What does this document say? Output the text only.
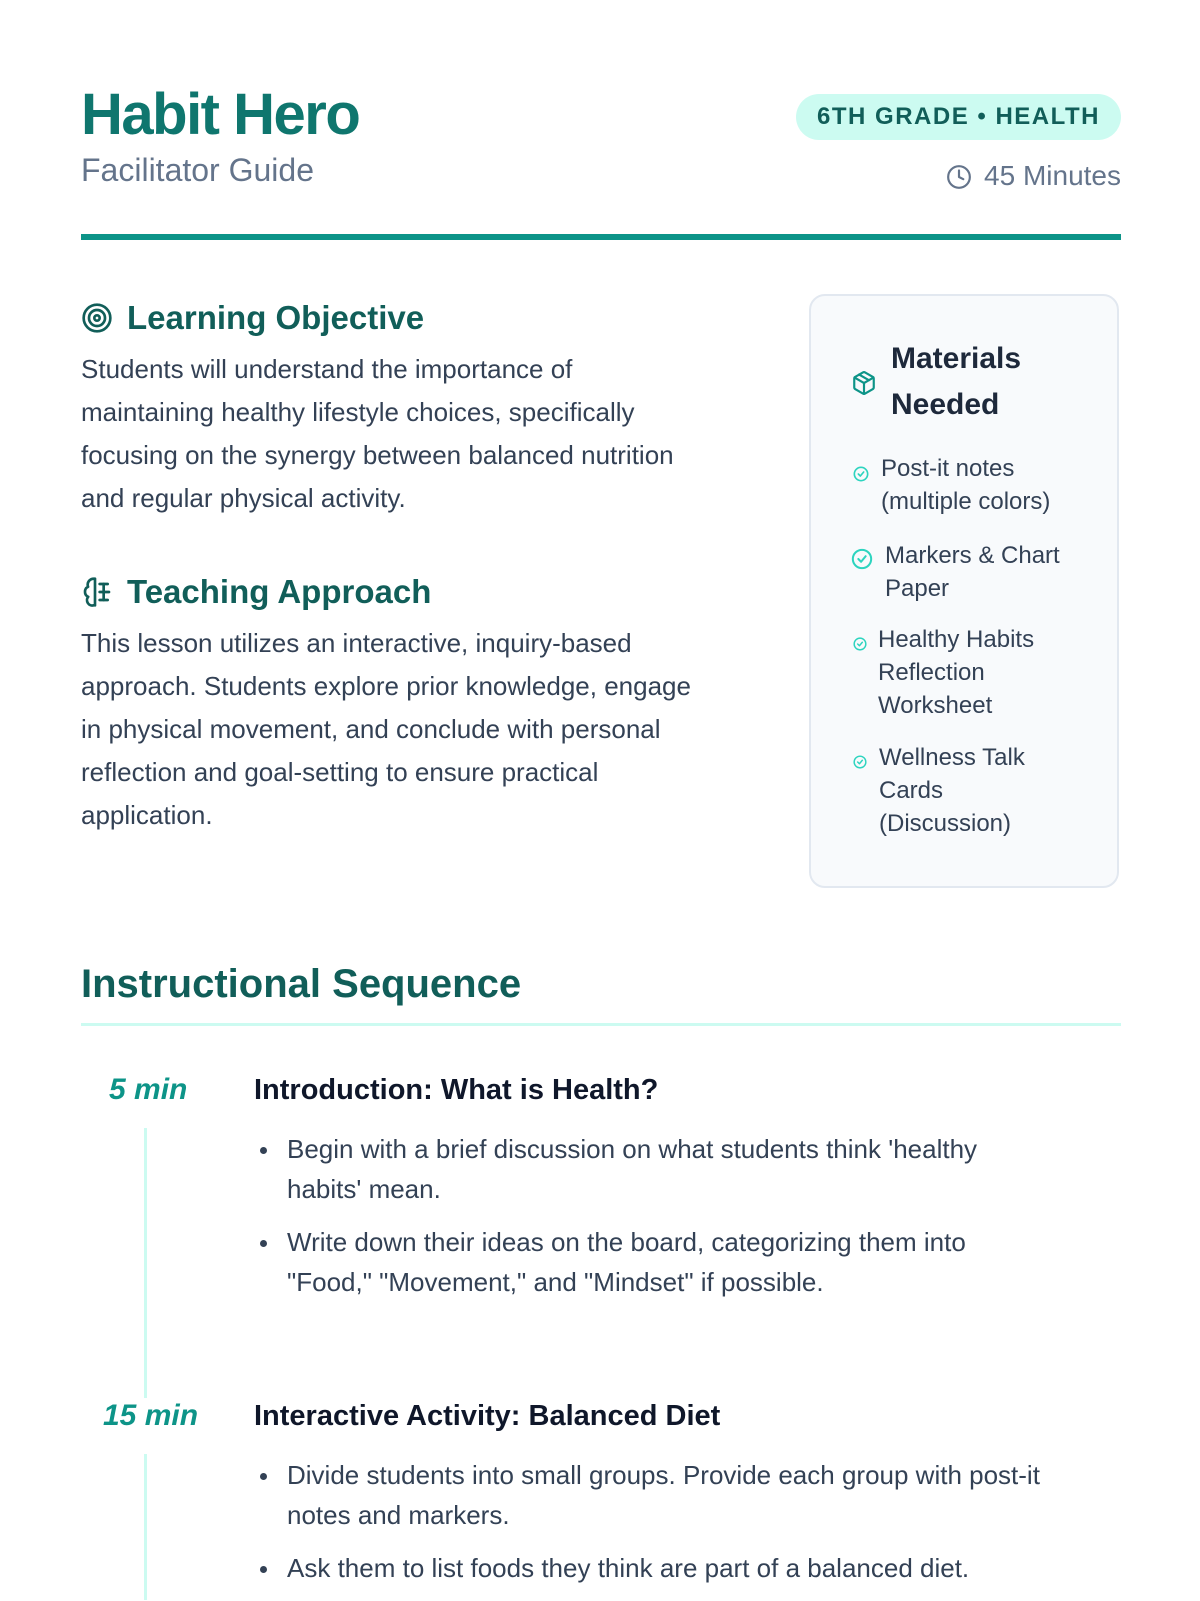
Habit Hero
Facilitator Guide
6TH GRADE • HEALTH
45 Minutes
Learning Objective

Students will understand the importance of
maintaining healthy lifestyle choices, specifically
focusing on the synergy between balanced nutrition
and regular physical activity.

Teaching Approach

This lesson utilizes an interactive, inquiry-based
approach. Students explore prior knowledge, engage
in physical movement, and conclude with personal
reflection and goal-setting to ensure practical
application.

Materials
Needed
Post-it notes
(multiple colors)
Markers & Chart
Paper
Healthy Habits
Reflection
Worksheet
Wellness Talk
Cards
(Discussion)
Instructional Sequence
5 min Introduction: What is Health?
Begin with a brief discussion on what students think 'healthy
habits' mean.
Write down their ideas on the board, categorizing them into
"Food," "Movement," and "Mindset" if possible.
15 min Interactive Activity: Balanced Diet
Divide students into small groups. Provide each group with post-it
notes and markers.
Ask them to list foods they think are part of a balanced diet.
